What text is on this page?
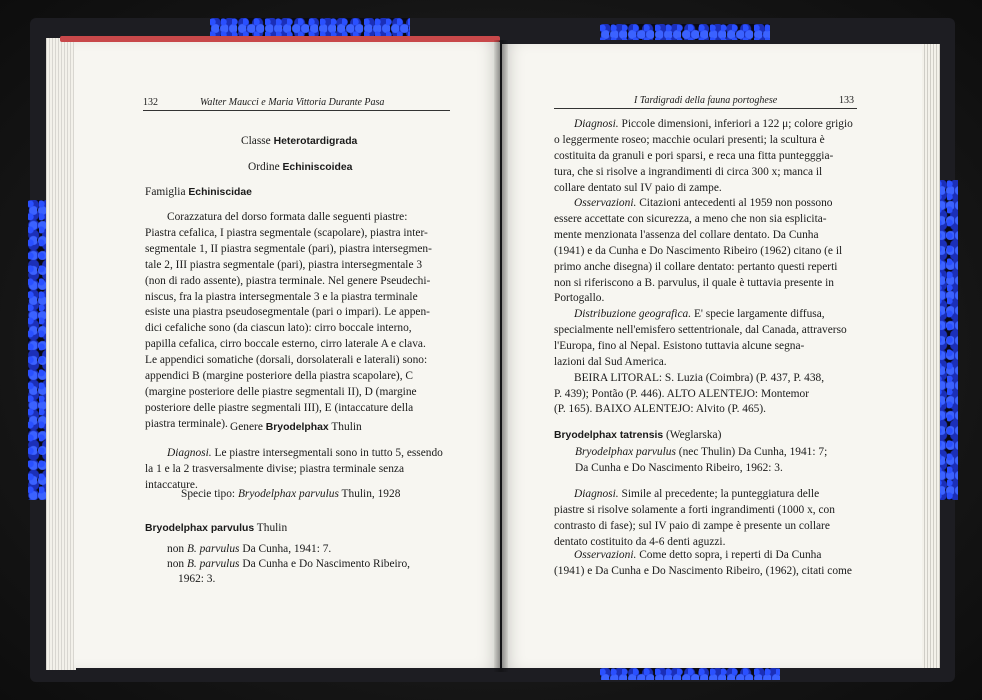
132	Walter Maucci e Maria Vittoria Durante Pasa
Classe Heterotardigrada
Ordine Echiniscoidea
Famiglia Echiniscidae
Corazzatura del dorso formata dalle seguenti piastre:
Piastra cefalica, I piastra segmentale (scapolare), piastra inter-
segmentale 1, II piastra segmentale (pari), piastra intersegmen-
tale 2, III piastra segmentale (pari), piastra intersegmentale 3
(non di rado assente), piastra terminale. Nel genere Pseudechi-
niscus, fra la piastra intersegmentale 3 e la piastra terminale
esiste una piastra pseudosegmentale (pari o impari). Le appen-
dici cefaliche sono (da ciascun lato): cirro boccale interno,
papilla cefalica, cirro boccale esterno, cirro laterale A e clava.
Le appendici somatiche (dorsali, dorsolaterali e laterali) sono:
appendici B (margine posteriore della piastra scapolare), C
(margine posteriore delle piastre segmentali II), D (margine
posteriore delle piastre segmentali III), E (intaccature della
piastra terminale). Genere Bryodelphax Thulin
Diagnosi. Le piastre intersegmentali sono in tutto 5, essendo
la 1 e la 2 trasversalmente divise; piastra terminale senza
intaccature.
Specie tipo: Bryodelphax parvulus Thulin, 1928
Bryodelphax parvulus Thulin
non B. parvulus Da Cunha, 1941: 7.
non B. parvulus Da Cunha e Do Nascimento Ribeiro,
1962: 3.
I Tardigradi della fauna portoghese	133
Diagnosi. Piccole dimensioni, inferiori a 122 μ; colore grigio
o leggermente roseo; macchie oculari presenti; la scultura è
costituita da granuli e pori sparsi, e reca una fitta puntegggia-
tura, che si risolve a ingrandimenti di circa 300 x; manca il
collare dentato sul IV paio di zampe.
Osservazioni. Citazioni antecedenti al 1959 non possono
essere accettate con sicurezza, a meno che non sia esplicita-
mente menzionata l'assenza del collare dentato. Da Cunha
(1941) e da Cunha e Do Nascimento Ribeiro (1962) citano (e il
primo anche disegna) il collare dentato: pertanto questi reperti
non si riferiscono a B. parvulus, il quale è tuttavia presente in
Portogallo.
Distribuzione geografica. E' specie largamente diffusa,
specialmente nell'emisfero settentrionale, dal Canada, attraverso
l'Europa, fino al Nepal. Esistono tuttavia alcune segna-
lazioni dal Sud America.
BEIRA LITORAL: S. Luzia (Coimbra) (P. 437, P. 438,
P. 439); Pontão (P. 446). ALTO ALENTEJO: Montemor
(P. 165). BAIXO ALENTEJO: Alvito (P. 465).
Bryodelphax tatrensis (Weglarska)
Bryodelphax parvulus (nec Thulin) Da Cunha, 1941: 7;
Da Cunha e Do Nascimento Ribeiro, 1962: 3.
Diagnosi. Simile al precedente; la punteggiatura delle
piastre si risolve solamente a forti ingrandimenti (1000 x, con
contrasto di fase); sul IV paio di zampe è presente un collare
dentato costituito da 4-6 denti aguzzi.
Osservazioni. Come detto sopra, i reperti di Da Cunha
(1941) e Da Cunha e Do Nascimento Ribeiro, (1962), citati come
